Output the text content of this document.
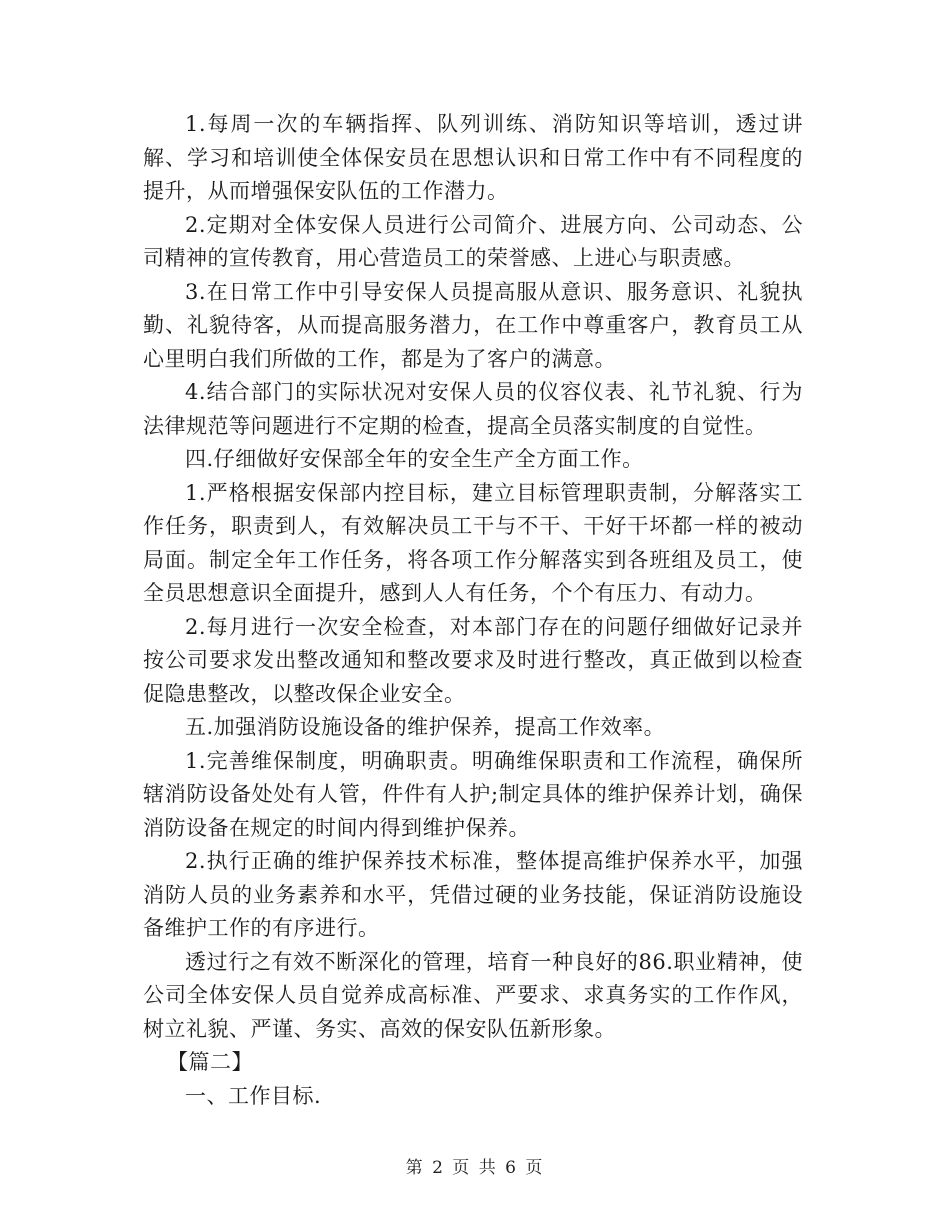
1.每周一次的车辆指挥、队列训练、消防知识等培训，透过讲解、学习和培训使全体保安员在思想认识和日常工作中有不同程度的提升，从而增强保安队伍的工作潜力。

2.定期对全体安保人员进行公司简介、进展方向、公司动态、公司精神的宣传教育，用心营造员工的荣誉感、上进心与职责感。

3.在日常工作中引导安保人员提高服从意识、服务意识、礼貌执勤、礼貌待客，从而提高服务潜力，在工作中尊重客户，教育员工从心里明白我们所做的工作，都是为了客户的满意。

4.结合部门的实际状况对安保人员的仪容仪表、礼节礼貌、行为法律规范等问题进行不定期的检查，提高全员落实制度的自觉性。

四.仔细做好安保部全年的安全生产全方面工作。

1.严格根据安保部内控目标，建立目标管理职责制，分解落实工作任务，职责到人，有效解决员工干与不干、干好干坏都一样的被动局面。制定全年工作任务，将各项工作分解落实到各班组及员工，使全员思想意识全面提升，感到人人有任务，个个有压力、有动力。

2.每月进行一次安全检查，对本部门存在的问题仔细做好记录并按公司要求发出整改通知和整改要求及时进行整改，真正做到以检查促隐患整改，以整改保企业安全。

五.加强消防设施设备的维护保养，提高工作效率。

1.完善维保制度，明确职责。明确维保职责和工作流程，确保所辖消防设备处处有人管，件件有人护;制定具体的维护保养计划，确保消防设备在规定的时间内得到维护保养。

2.执行正确的维护保养技术标准，整体提高维护保养水平，加强消防人员的业务素养和水平，凭借过硬的业务技能，保证消防设施设备维护工作的有序进行。

透过行之有效不断深化的管理，培育一种良好的86.职业精神，使公司全体安保人员自觉养成高标准、严要求、求真务实的工作作风，树立礼貌、严谨、务实、高效的保安队伍新形象。

【篇二】

一、工作目标.

第 2 页 共 6 页
